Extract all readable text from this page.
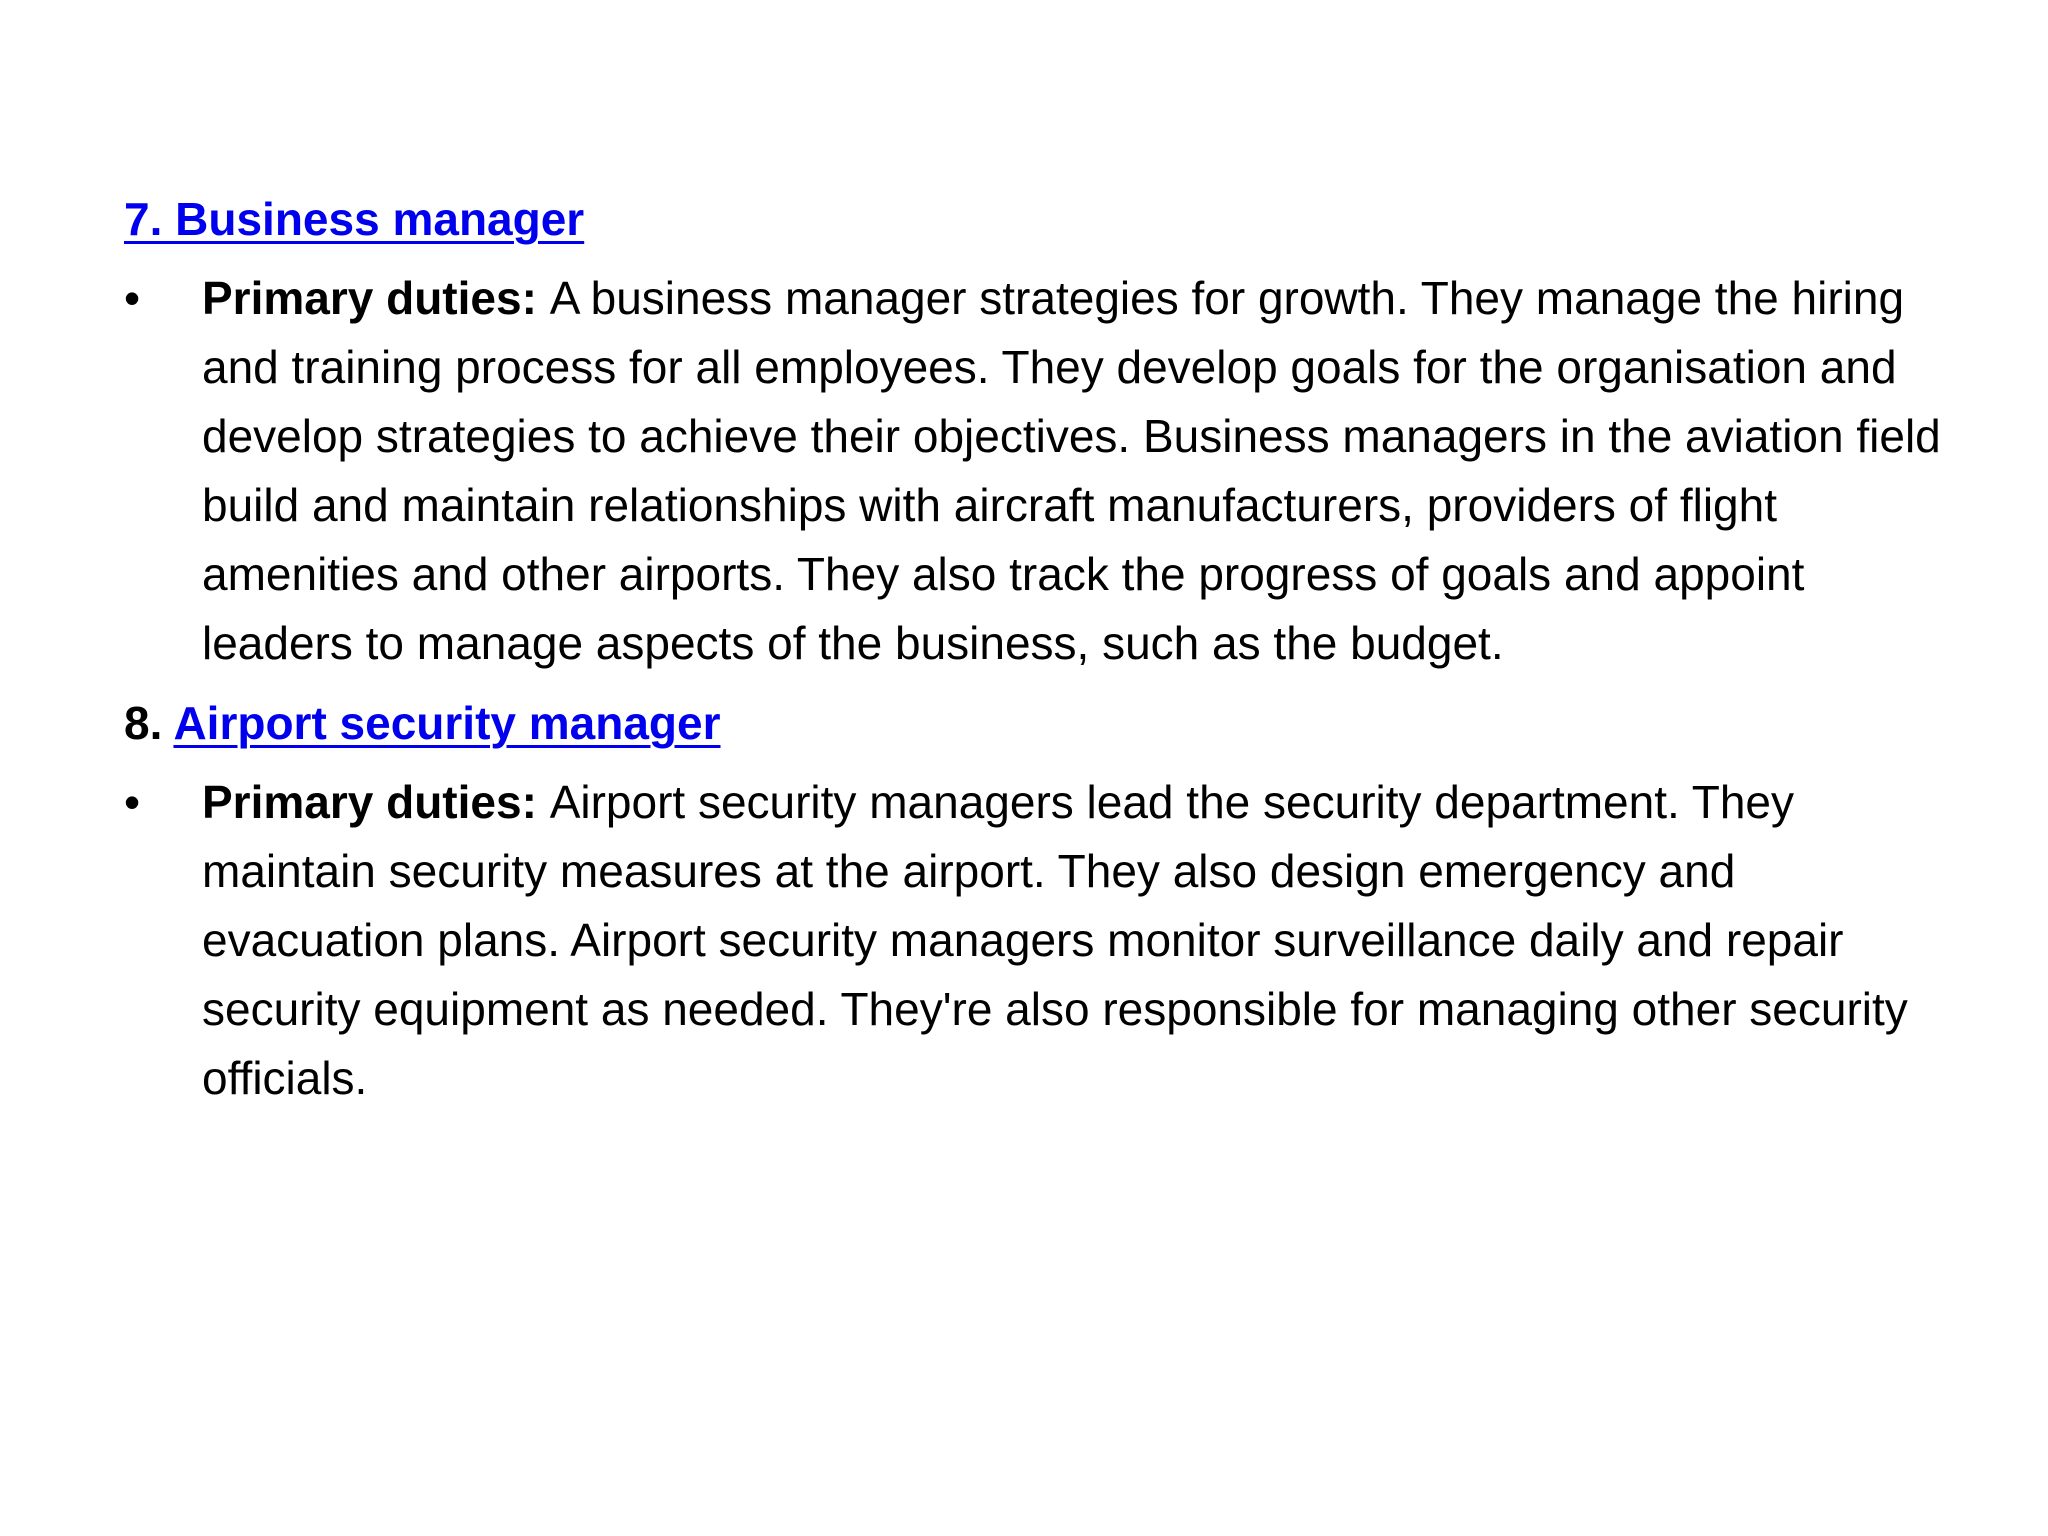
7. Business manager
• Primary duties: A business manager strategies for growth. They manage the hiring and training process for all employees. They develop goals for the organisation and develop strategies to achieve their objectives. Business managers in the aviation field build and maintain relationships with aircraft manufacturers, providers of flight amenities and other airports. They also track the progress of goals and appoint leaders to manage aspects of the business, such as the budget.
8. Airport security manager
• Primary duties: Airport security managers lead the security department. They maintain security measures at the airport. They also design emergency and evacuation plans. Airport security managers monitor surveillance daily and repair security equipment as needed. They're also responsible for managing other security officials.
